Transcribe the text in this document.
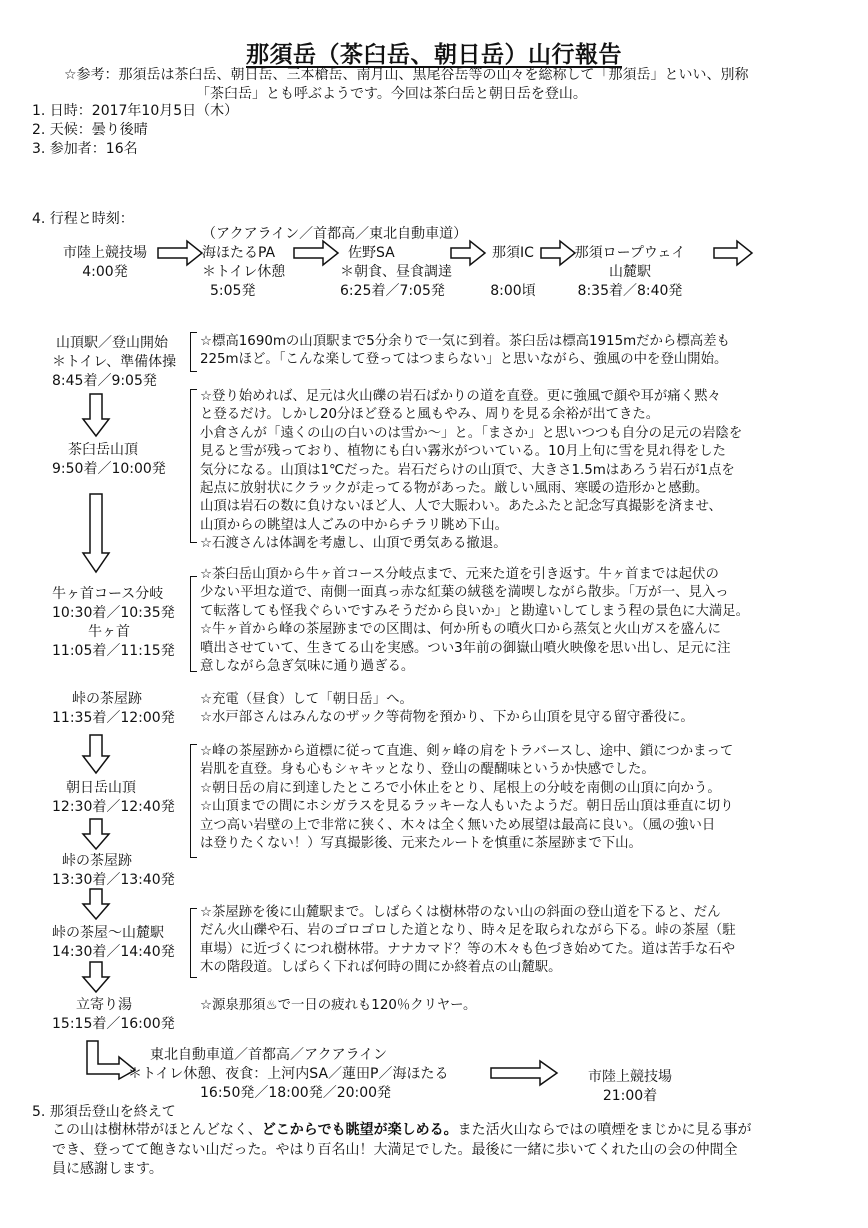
那須岳（茶臼岳、朝日岳）山行報告
☆参考：那須岳は茶臼岳、朝日岳、三本槍岳、南月山、黒尾谷岳等の山々を総称して「那須岳」といい、別称
「茶臼岳」とも呼ぶようです。今回は茶臼岳と朝日岳を登山。
1. 日時：2017年10月5日（木）
2. 天候：曇り後晴
3. 参加者：16名
4. 行程と時刻：
（アクアライン／首都高／東北自動車道）
市陸上競技場
4:00発
海ほたるPA
＊トイレ休憩
5:05発
佐野SA
＊朝食、昼食調達
6:25着／7:05発
那須IC
8:00頃
那須ロープウェイ
山麓駅
8:35着／8:40発
山頂駅／登山開始
＊トイレ、準備体操
8:45着／9:05発
☆標高1690mの山頂駅まで5分余りで一気に到着。茶臼岳は標高1915mだから標高差も
225mほど。「こんな楽して登ってはつまらない」と思いながら、強風の中を登山開始。
茶臼岳山頂
9:50着／10:00発
☆登り始めれば、足元は火山礫の岩石ばかりの道を直登。更に強風で顔や耳が痛く黙々
と登るだけ。しかし20分ほど登ると風もやみ、周りを見る余裕が出てきた。
小倉さんが「遠くの山の白いのは雪か～」と。「まさか」と思いつつも自分の足元の岩陰を
見ると雪が残っており、植物にも白い霧氷がついている。10月上旬に雪を見れ得をした
気分になる。山頂は1℃だった。岩石だらけの山頂で、大きさ1.5mはあろう岩石が1点を
起点に放射状にクラックが走ってる物があった。厳しい風雨、寒暖の造形かと感動。
山頂は岩石の数に負けないほど人、人で大賑わい。あたふたと記念写真撮影を済ませ、
山頂からの眺望は人ごみの中からチラリ眺め下山。
☆石渡さんは体調を考慮し、山頂で勇気ある撤退。
牛ヶ首コース分岐
10:30着／10:35発
牛ヶ首
11:05着／11:15発
☆茶臼岳山頂から牛ヶ首コース分岐点まで、元来た道を引き返す。牛ヶ首までは起伏の
少ない平坦な道で、南側一面真っ赤な紅葉の絨毯を満喫しながら散歩。「万が一、見入っ
て転落しても怪我ぐらいですみそうだから良いか」と勘違いしてしまう程の景色に大満足。
☆牛ヶ首から峰の茶屋跡までの区間は、何か所もの噴火口から蒸気と火山ガスを盛んに
噴出させていて、生きてる山を実感。つい3年前の御嶽山噴火映像を思い出し、足元に注
意しながら急ぎ気味に通り過ぎる。
峠の茶屋跡
11:35着／12:00発
☆充電（昼食）して「朝日岳」へ。
☆水戸部さんはみんなのザック等荷物を預かり、下から山頂を見守る留守番役に。
朝日岳山頂
12:30着／12:40発
☆峰の茶屋跡から道標に従って直進、剣ヶ峰の肩をトラバースし、途中、鎖につかまって
岩肌を直登。身も心もシャキッとなり、登山の醍醐味というか快感でした。
☆朝日岳の肩に到達したところで小休止をとり、尾根上の分岐を南側の山頂に向かう。
☆山頂までの間にホシガラスを見るラッキーな人もいたようだ。朝日岳山頂は垂直に切り
立つ高い岩壁の上で非常に狭く、木々は全く無いため展望は最高に良い。（風の強い日
は登りたくない！）写真撮影後、元来たルートを慎重に茶屋跡まで下山。
峠の茶屋跡
13:30着／13:40発
峠の茶屋～山麓駅
14:30着／14:40発
☆茶屋跡を後に山麓駅まで。しばらくは樹林帯のない山の斜面の登山道を下ると、だん
だん火山礫や石、岩のゴロゴロした道となり、時々足を取られながら下る。峠の茶屋（駐
車場）に近づくにつれ樹林帯。ナナカマド？等の木々も色づき始めてた。道は苦手な石や
木の階段道。しばらく下れば何時の間にか終着点の山麓駅。
立寄り湯
15:15着／16:00発
☆源泉那須♨で一日の疲れも120％クリヤー。
東北自動車道／首都高／アクアライン
＊トイレ休憩、夜食：上河内SA／蓮田P／海ほたる
16:50発／18:00発／20:00発
市陸上競技場
21:00着
5. 那須岳登山を終えて
この山は樹林帯がほとんどなく、どこからでも眺望が楽しめる。また活火山ならではの噴煙をまじかに見る事が
でき、登ってて飽きない山だった。やはり百名山！大満足でした。最後に一緒に歩いてくれた山の会の仲間全
員に感謝します。
